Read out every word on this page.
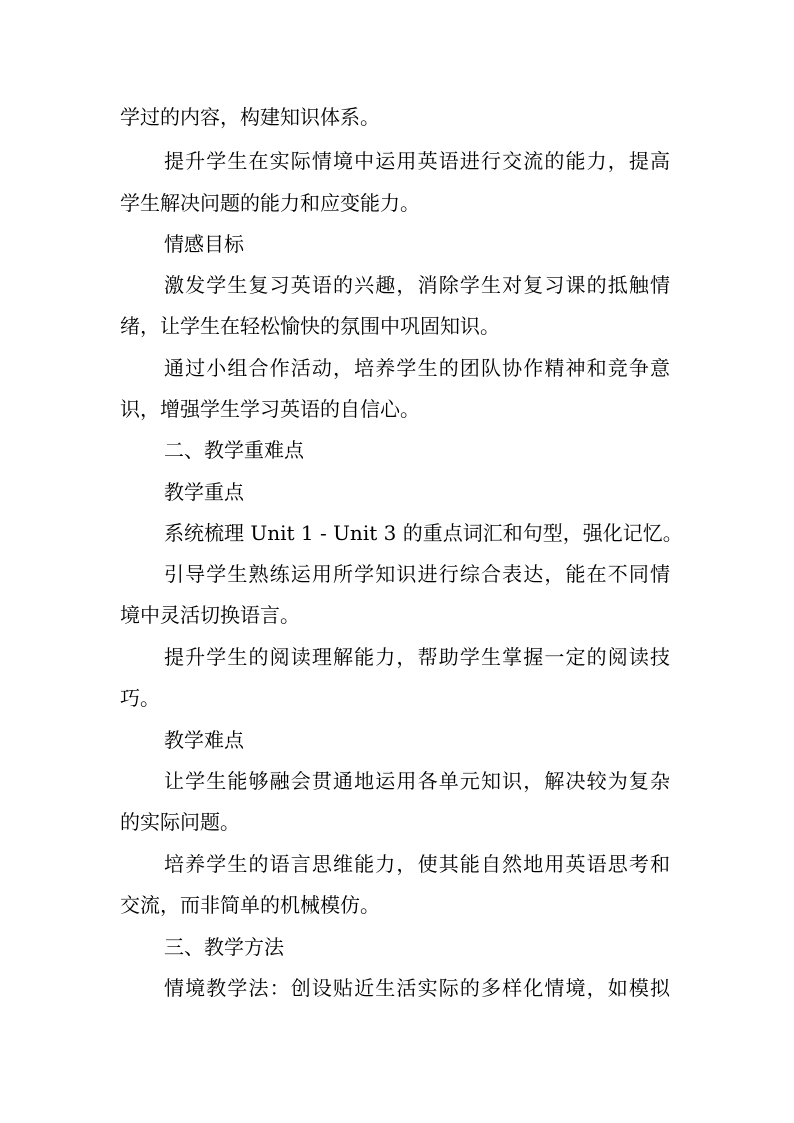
学过的内容，构建知识体系。
提升学生在实际情境中运用英语进行交流的能力，提高
学生解决问题的能力和应变能力。
情感目标
激发学生复习英语的兴趣，消除学生对复习课的抵触情
绪，让学生在轻松愉快的氛围中巩固知识。
通过小组合作活动，培养学生的团队协作精神和竞争意
识，增强学生学习英语的自信心。
二、教学重难点
教学重点
系统梳理 Unit 1 - Unit 3 的重点词汇和句型，强化记忆。
引导学生熟练运用所学知识进行综合表达，能在不同情
境中灵活切换语言。
提升学生的阅读理解能力，帮助学生掌握一定的阅读技
巧。
教学难点
让学生能够融会贯通地运用各单元知识，解决较为复杂
的实际问题。
培养学生的语言思维能力，使其能自然地用英语思考和
交流，而非简单的机械模仿。
三、教学方法
情境教学法：创设贴近生活实际的多样化情境，如模拟
